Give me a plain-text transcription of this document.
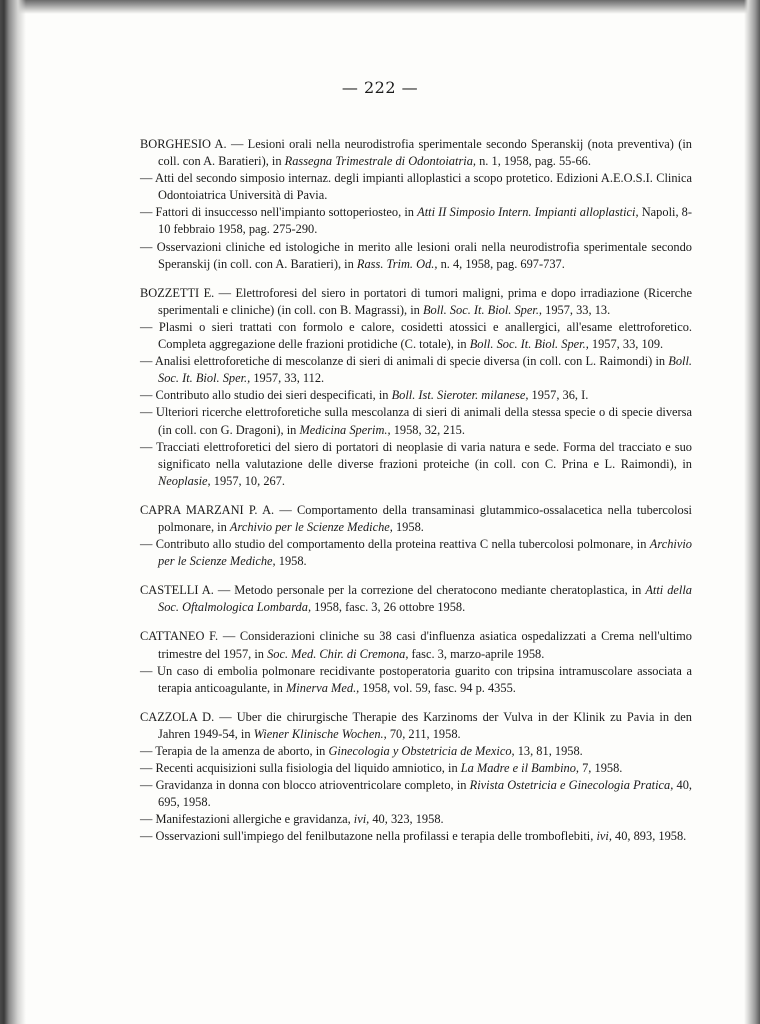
— 222 —

BORGHESIO A. — Lesioni orali nella neurodistrofia sperimentale secondo Speranskij (nota preventiva) (in coll. con A. Baratieri), in Rassegna Trimestrale di Odontoiatria, n. 1, 1958, pag. 55-66.

— Atti del secondo simposio internaz. degli impianti alloplastici a scopo protetico. Edizioni A.E.O.S.I. Clinica Odontoiatrica Università di Pavia.

— Fattori di insuccesso nell'impianto sottoperiosteo, in Atti II Simposio Intern. Impianti alloplastici, Napoli, 8-10 febbraio 1958, pag. 275-290.

— Osservazioni cliniche ed istologiche in merito alle lesioni orali nella neurodistrofia sperimentale secondo Speranskij (in coll. con A. Baratieri), in Rass. Trim. Od., n. 4, 1958, pag. 697-737.

BOZZETTI E. — Elettroforesi del siero in portatori di tumori maligni, prima e dopo irradiazione (Ricerche sperimentali e cliniche) (in coll. con B. Magrassi), in Boll. Soc. It. Biol. Sper., 1957, 33, 13.

— Plasmi o sieri trattati con formolo e calore, cosidetti atossici e anallergici, all'esame elettroforetico. Completa aggregazione delle frazioni protidiche (C. totale), in Boll. Soc. It. Biol. Sper., 1957, 33, 109.

— Analisi elettroforetiche di mescolanze di sieri di animali di specie diversa (in coll. con L. Raimondi) in Boll. Soc. It. Biol. Sper., 1957, 33, 112.

— Contributo allo studio dei sieri despecificati, in Boll. Ist. Sieroter. milanese, 1957, 36, I.

— Ulteriori ricerche elettroforetiche sulla mescolanza di sieri di animali della stessa specie o di specie diversa (in coll. con G. Dragoni), in Medicina Sperim., 1958, 32, 215.

— Tracciati elettroforetici del siero di portatori di neoplasie di varia natura e sede. Forma del tracciato e suo significato nella valutazione delle diverse frazioni proteiche (in coll. con C. Prina e L. Raimondi), in Neoplasie, 1957, 10, 267.

CAPRA MARZANI P. A. — Comportamento della transaminasi glutammico-ossalacetica nella tubercolosi polmonare, in Archivio per le Scienze Mediche, 1958.

— Contributo allo studio del comportamento della proteina reattiva C nella tubercolosi polmonare, in Archivio per le Scienze Mediche, 1958.

CASTELLI A. — Metodo personale per la correzione del cheratocono mediante cheratoplastica, in Atti della Soc. Oftalmologica Lombarda, 1958, fasc. 3, 26 ottobre 1958.

CATTANEO F. — Considerazioni cliniche su 38 casi d'influenza asiatica ospedalizzati a Crema nell'ultimo trimestre del 1957, in Soc. Med. Chir. di Cremona, fasc. 3, marzo-aprile 1958.

— Un caso di embolia polmonare recidivante postoperatoria guarito con tripsina intramuscolare associata a terapia anticoagulante, in Minerva Med., 1958, vol. 59, fasc. 94 p. 4355.

CAZZOLA D. — Uber die chirurgische Therapie des Karzinoms der Vulva in der Klinik zu Pavia in den Jahren 1949-54, in Wiener Klinische Wochen., 70, 211, 1958.

— Terapia de la amenza de aborto, in Ginecologia y Obstetricia de Mexico, 13, 81, 1958.

— Recenti acquisizioni sulla fisiologia del liquido amniotico, in La Madre e il Bambino, 7, 1958.

— Gravidanza in donna con blocco atrioventricolare completo, in Rivista Ostetricia e Ginecologia Pratica, 40, 695, 1958.

— Manifestazioni allergiche e gravidanza, ivi, 40, 323, 1958.

— Osservazioni sull'impiego del fenilbutazone nella profilassi e terapia delle tromboflebiti, ivi, 40, 893, 1958.
